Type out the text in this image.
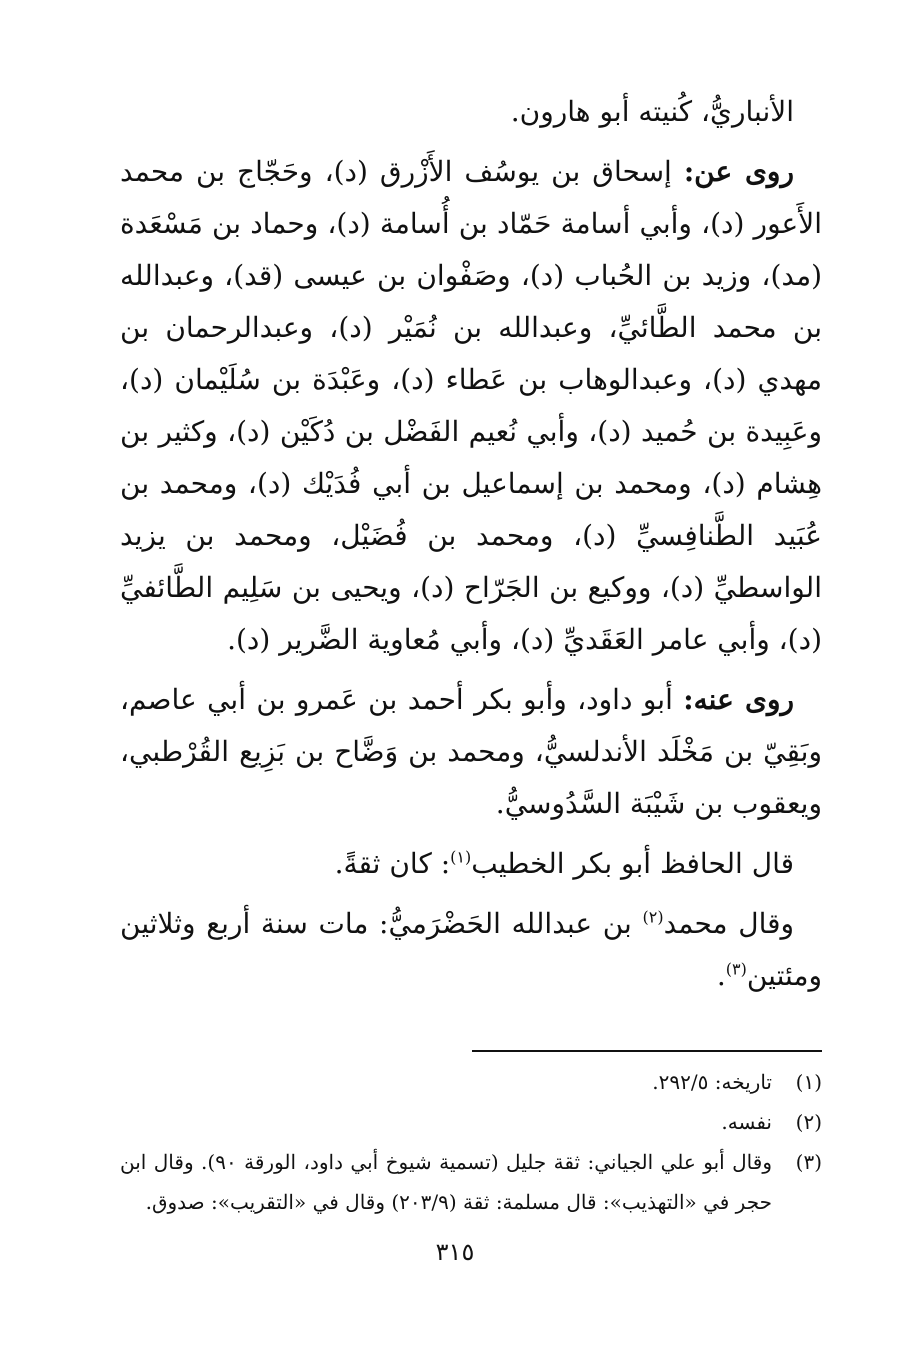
الأنباريُّ، كُنيته أبو هارون.

روى عن: إسحاق بن يوسُف الأَزْرق (د)، وحَجّاج بن محمد الأَعور (د)، وأبي أسامة حَمّاد بن أُسامة (د)، وحماد بن مَسْعَدة (مد)، وزيد بن الحُباب (د)، وصَفْوان بن عيسى (قد)، وعبدالله بن محمد الطَّائيِّ، وعبدالله بن نُمَيْر (د)، وعبدالرحمان بن مهدي (د)، وعبدالوهاب بن عَطاء (د)، وعَبْدَة بن سُلَيْمان (د)، وعَبِيدة بن حُميد (د)، وأبي نُعيم الفَضْل بن دُكَيْن (د)، وكثير بن هِشام (د)، ومحمد بن إسماعيل بن أبي فُدَيْك (د)، ومحمد بن عُبَيد الطَّنافِسيِّ (د)، ومحمد بن فُضَيْل، ومحمد بن يزيد الواسطيِّ (د)، ووكيع بن الجَرّاح (د)، ويحيى بن سَلِيم الطَّائفيِّ (د)، وأبي عامر العَقَديِّ (د)، وأبي مُعاوية الضَّرير (د).

روى عنه: أبو داود، وأبو بكر أحمد بن عَمرو بن أبي عاصم، وبَقِيّ بن مَخْلَد الأندلسيُّ، ومحمد بن وَضَّاح بن بَزِيع القُرْطبي، ويعقوب بن شَيْبَة السَّدُوسيُّ.

قال الحافظ أبو بكر الخطيب$^{(١)}$: كان ثقةً.

وقال محمد$^{(٢)}$ بن عبدالله الحَضْرَميُّ: مات سنة أربع وثلاثين ومئتين$^{(٣)}$.

(١)
تاريخه: ٢٩٢/٥.

(٢)
نفسه.

(٣)
وقال أبو علي الجياني: ثقة جليل (تسمية شيوخ أبي داود، الورقة ٩٠). وقال ابن حجر في «التهذيب»: قال مسلمة: ثقة (٢٠٣/٩) وقال في «التقريب»: صدوق.

٣١٥
